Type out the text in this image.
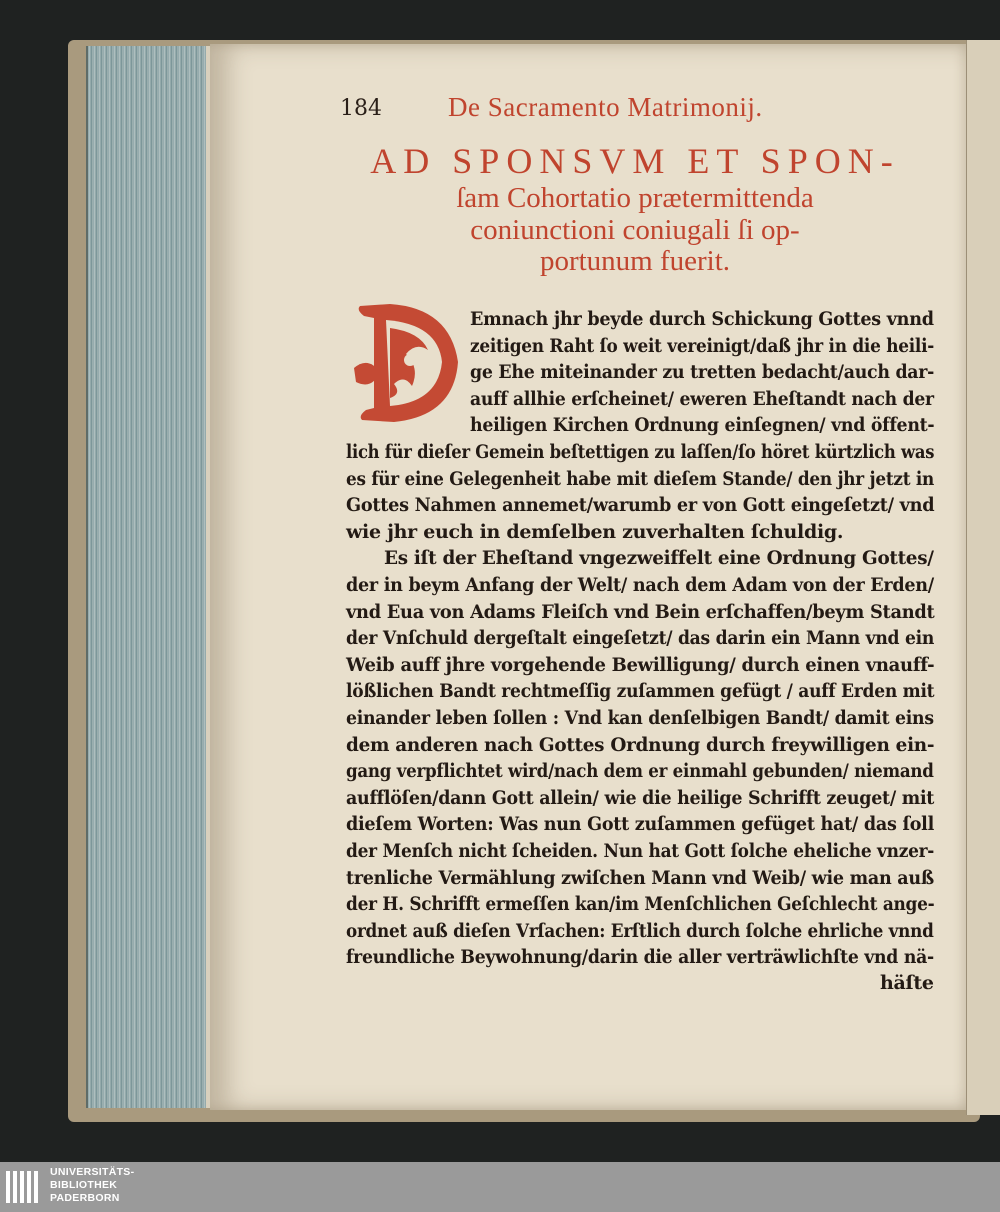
184 De Sacramento Matrimonij.
AD SPONSVM ET SPON-
ſam Cohortatio prætermittenda
coniunctioni coniugali ſi op-
portunum fuerit.
Emnach jhr beyde durch Schickung Gottes vnnd
zeitigen Raht ſo weit vereinigt/daß jhr in die heili-
ge Ehe miteinander zu tretten bedacht/auch dar-
auff allhie erſcheinet/ eweren Eheſtandt nach der
heiligen Kirchen Ordnung einſegnen/ vnd öffent-
lich für dieſer Gemein beſtettigen zu laſſen/ſo höret kürtzlich was
es für eine Gelegenheit habe mit dieſem Stande/ den jhr jetzt in
Gottes Nahmen annemet/warumb er von Gott eingeſetzt/ vnd
wie jhr euch in demſelben zuverhalten ſchuldig.
Es iſt der Eheſtand vngezweiffelt eine Ordnung Gottes/
der in beym Anfang der Welt/ nach dem Adam von der Erden/
vnd Eua von Adams Fleiſch vnd Bein erſchaffen/beym Standt
der Vnſchuld dergeſtalt eingeſetzt/ das darin ein Mann vnd ein
Weib auff jhre vorgehende Bewilligung/ durch einen vnauff-
lößlichen Bandt rechtmeſſig zuſammen gefügt / auff Erden mit
einander leben ſollen : Vnd kan denſelbigen Bandt/ damit eins
dem anderen nach Gottes Ordnung durch freywilligen ein-
gang verpflichtet wird/nach dem er einmahl gebunden/ niemand
aufflöſen/dann Gott allein/ wie die heilige Schrifft zeuget/ mit
dieſem Worten: Was nun Gott zuſammen gefüget hat/ das ſoll
der Menſch nicht ſcheiden. Nun hat Gott ſolche eheliche vnzer-
trenliche Vermählung zwiſchen Mann vnd Weib/ wie man auß
der H. Schrifft ermeſſen kan/im Menſchlichen Geſchlecht ange-
ordnet auß dieſen Vrſachen: Erſtlich durch ſolche ehrliche vnnd
freundliche Beywohnung/darin die aller verträwlichſte vnd nä-
häſte
UNIVERSITÄTS-
BIBLIOTHEK
PADERBORN
